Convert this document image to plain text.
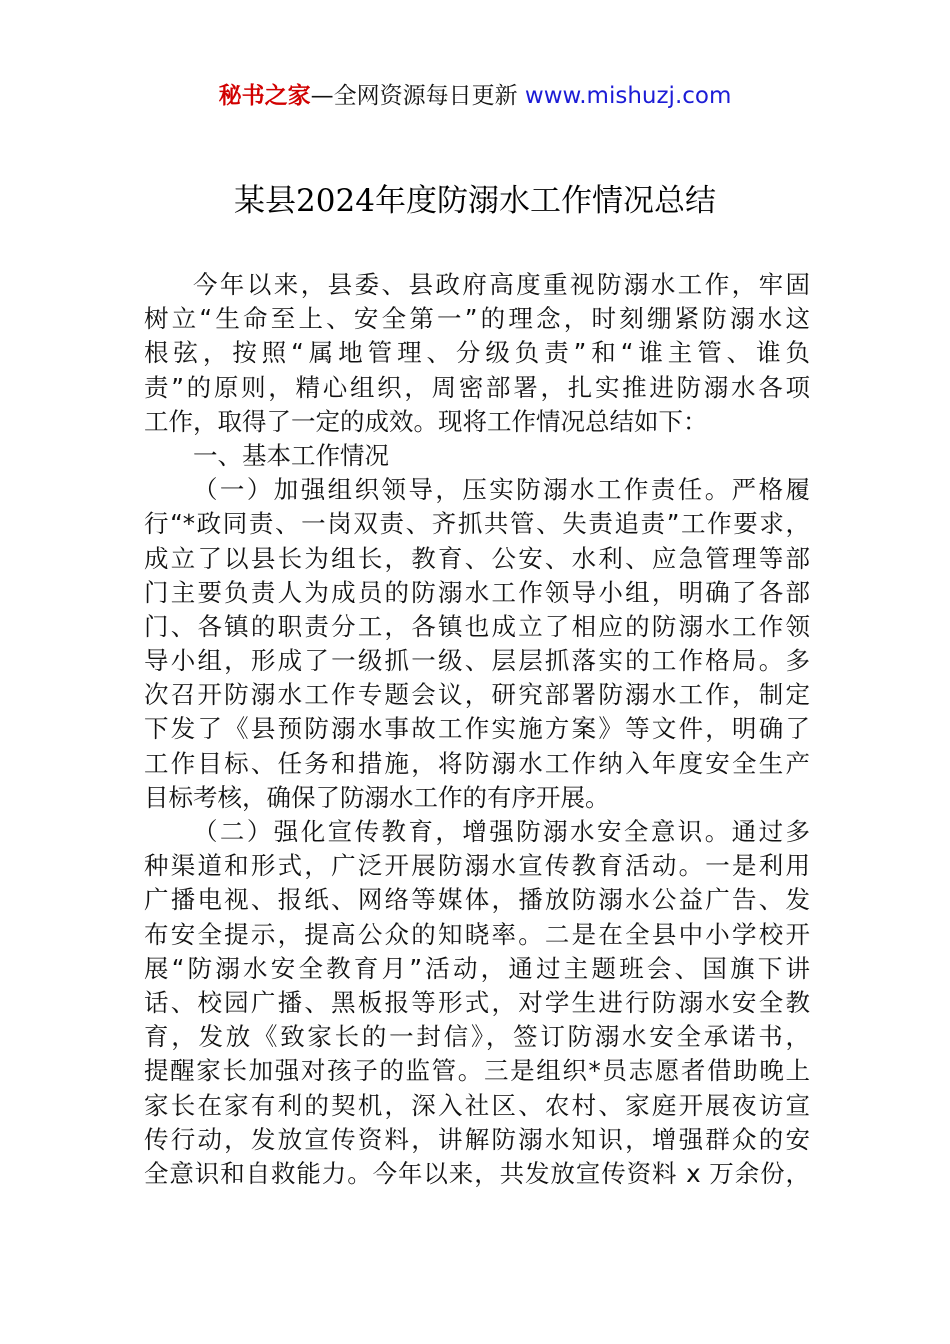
秘书之家—全网资源每日更新 www.mishuzj.com
某县2024年度防溺水工作情况总结
今年以来，县委、县政府高度重视防溺水工作，牢固
树立“生命至上、安全第一”的理念，时刻绷紧防溺水这
根弦，按照“属地管理、分级负责”和“谁主管、谁负
责”的原则，精心组织，周密部署，扎实推进防溺水各项
工作，取得了一定的成效。现将工作情况总结如下：
一、基本工作情况
（一）加强组织领导，压实防溺水工作责任。严格履
行“*政同责、一岗双责、齐抓共管、失责追责”工作要求，
成立了以县长为组长，教育、公安、水利、应急管理等部
门主要负责人为成员的防溺水工作领导小组，明确了各部
门、各镇的职责分工，各镇也成立了相应的防溺水工作领
导小组，形成了一级抓一级、层层抓落实的工作格局。多
次召开防溺水工作专题会议，研究部署防溺水工作，制定
下发了《县预防溺水事故工作实施方案》等文件，明确了
工作目标、任务和措施，将防溺水工作纳入年度安全生产
目标考核，确保了防溺水工作的有序开展。
（二）强化宣传教育，增强防溺水安全意识。通过多
种渠道和形式，广泛开展防溺水宣传教育活动。一是利用
广播电视、报纸、网络等媒体，播放防溺水公益广告、发
布安全提示，提高公众的知晓率。二是在全县中小学校开
展“防溺水安全教育月”活动，通过主题班会、国旗下讲
话、校园广播、黑板报等形式，对学生进行防溺水安全教
育，发放《致家长的一封信》，签订防溺水安全承诺书，
提醒家长加强对孩子的监管。三是组织*员志愿者借助晚上
家长在家有利的契机，深入社区、农村、家庭开展夜访宣
传行动，发放宣传资料，讲解防溺水知识，增强群众的安
全意识和自救能力。今年以来，共发放宣传资料 x 万余份，
